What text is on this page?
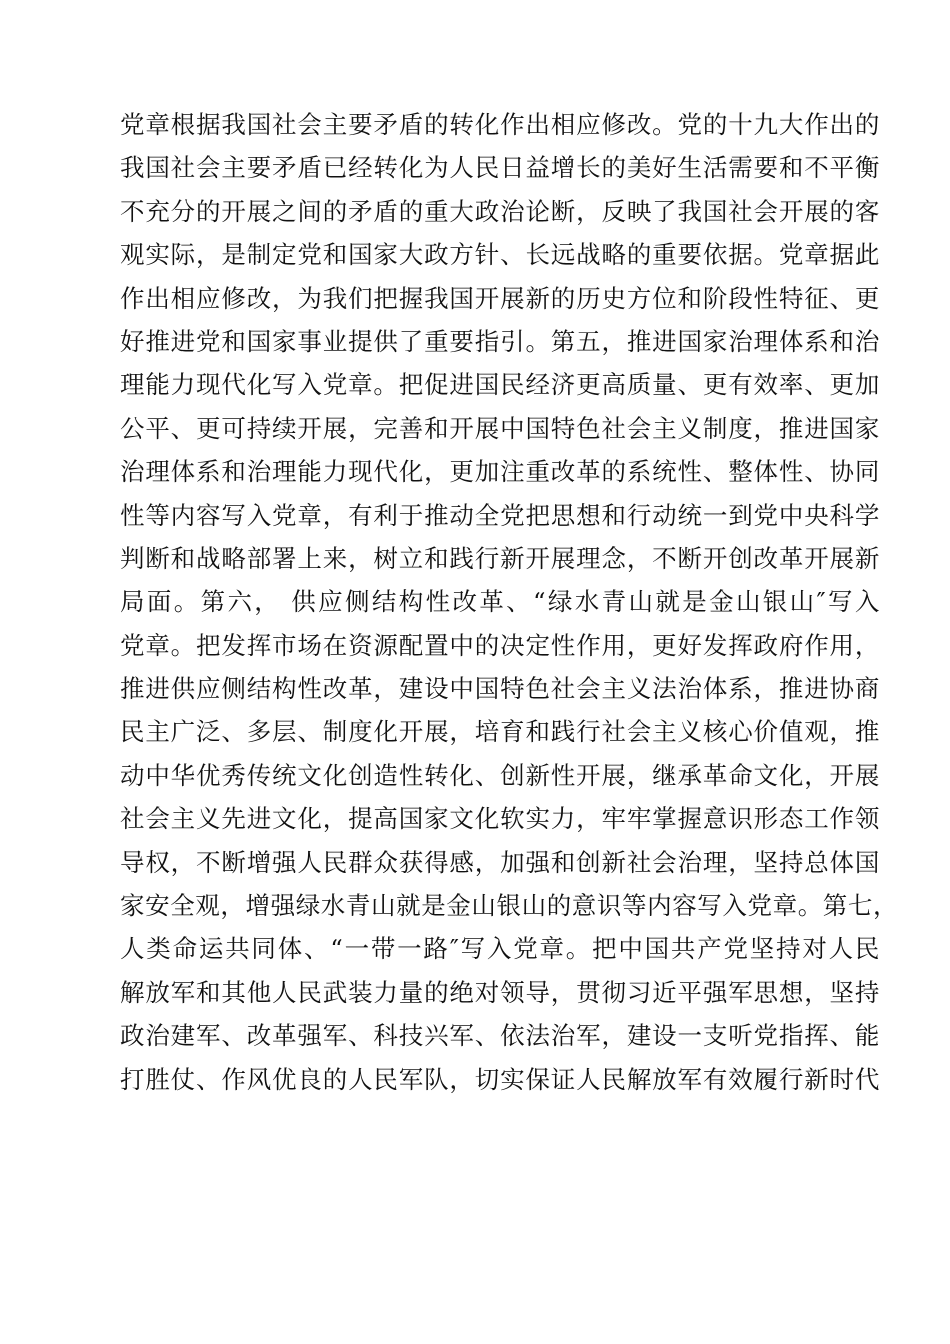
党章根据我国社会主要矛盾的转化作出相应修改。党的十九大作出的
我国社会主要矛盾已经转化为人民日益增长的美好生活需要和不平衡
不充分的开展之间的矛盾的重大政治论断，反映了我国社会开展的客
观实际，是制定党和国家大政方针、长远战略的重要依据。党章据此
作出相应修改，为我们把握我国开展新的历史方位和阶段性特征、更
好推进党和国家事业提供了重要指引。第五，推进国家治理体系和治
理能力现代化写入党章。把促进国民经济更高质量、更有效率、更加
公平、更可持续开展，完善和开展中国特色社会主义制度，推进国家
治理体系和治理能力现代化，更加注重改革的系统性、整体性、协同
性等内容写入党章，有利于推动全党把思想和行动统一到党中央科学
判断和战略部署上来，树立和践行新开展理念，不断开创改革开展新
局面。第六， 供应侧结构性改革、“绿水青山就是金山银山″写入
党章。把发挥市场在资源配置中的决定性作用，更好发挥政府作用，
推进供应侧结构性改革，建设中国特色社会主义法治体系，推进协商
民主广泛、多层、制度化开展，培育和践行社会主义核心价值观，推
动中华优秀传统文化创造性转化、创新性开展，继承革命文化，开展
社会主义先进文化，提高国家文化软实力，牢牢掌握意识形态工作领
导权，不断增强人民群众获得感，加强和创新社会治理，坚持总体国
家安全观，增强绿水青山就是金山银山的意识等内容写入党章。第七，
人类命运共同体、“一带一路″写入党章。把中国共产党坚持对人民
解放军和其他人民武装力量的绝对领导，贯彻习近平强军思想，坚持
政治建军、改革强军、科技兴军、依法治军，建设一支听党指挥、能
打胜仗、作风优良的人民军队，切实保证人民解放军有效履行新时代
